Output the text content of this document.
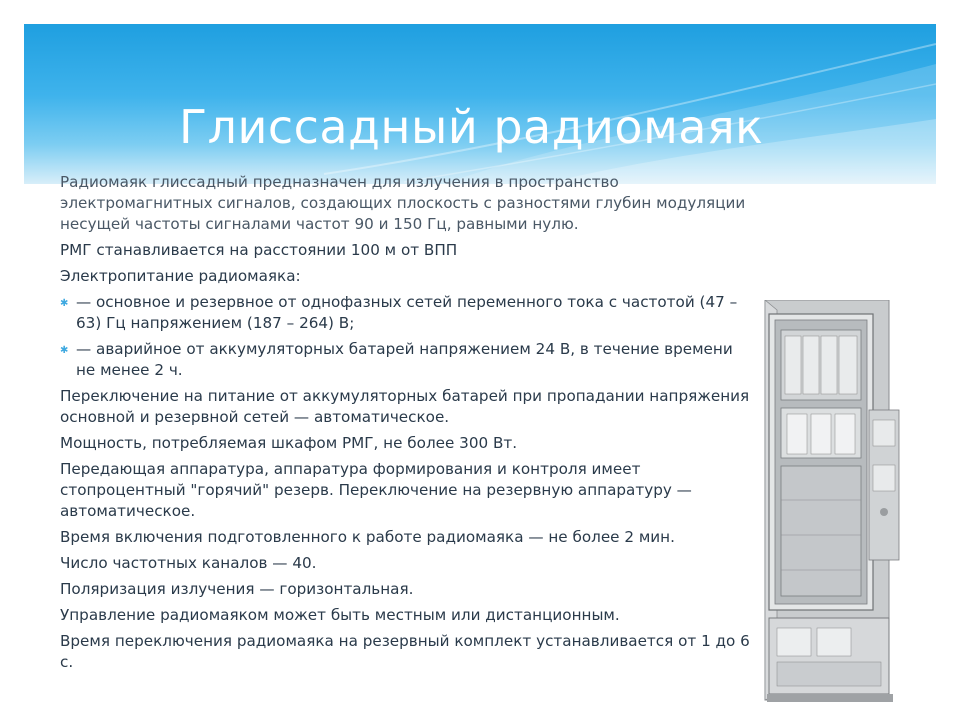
Глиссадный радиомаяк

Радиомаяк глиссадный предназначен для излучения в пространство электромагнитных сигналов, создающих плоскость с разностями глубин модуляции несущей частоты сигналами частот 90 и 150 Гц, равными нулю.

РМГ станавливается на расстоянии 100 м от ВПП

Электропитание радиомаяка:

✱ — основное и резервное от однофазных сетей переменного тока с частотой (47 – 63) Гц напряжением (187 – 264) В;
✱ — аварийное от аккумуляторных батарей напряжением 24 В, в течение времени не менее 2 ч.

Переключение на питание от аккумуляторных батарей при пропадании напряжения основной и резервной сетей — автоматическое.

Мощность, потребляемая шкафом РМГ, не более 300 Вт.

Передающая аппаратура, аппаратура формирования и контроля имеет стопроцентный "горячий" резерв. Переключение на резервную аппаратуру — автоматическое.

Время включения подготовленного к работе радиомаяка — не более 2 мин.

Число частотных каналов — 40.

Поляризация излучения — горизонтальная.

Управление радиомаяком может быть местным или дистанционным.

Время переключения радиомаяка на резервный комплект устанавливается от 1 до 6 с.
